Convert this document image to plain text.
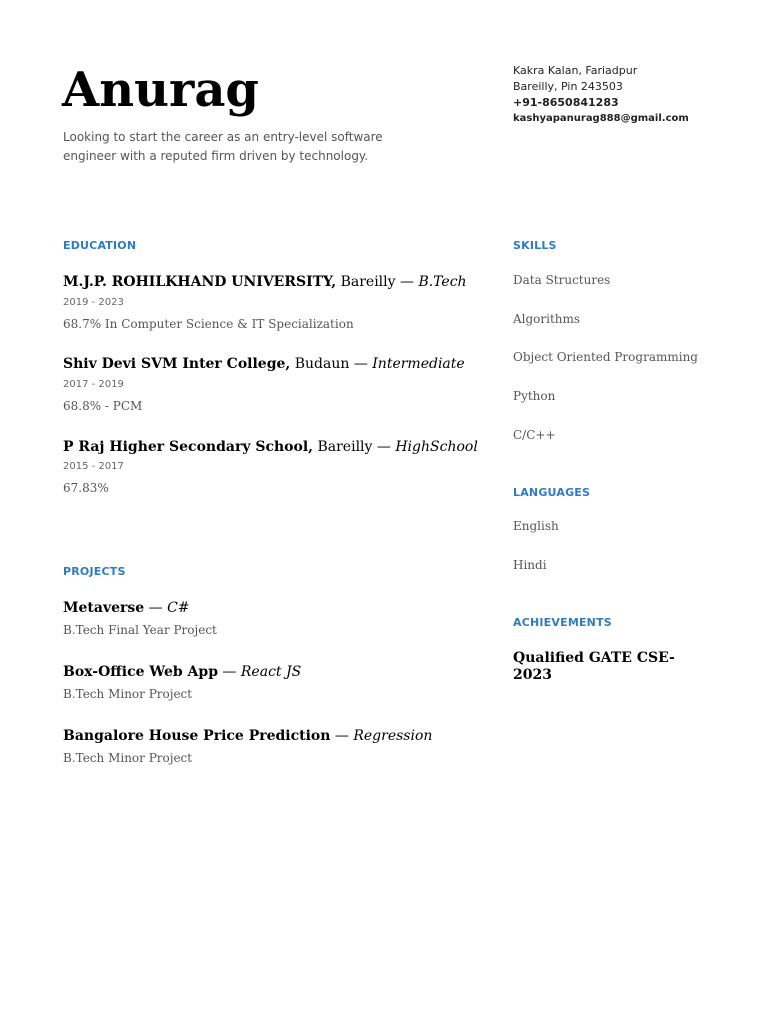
Anurag
Looking to start the career as an entry-level software engineer with a reputed firm driven by technology.
Kakra Kalan, Fariadpur
Bareilly, Pin 243503
+91-8650841283
kashyapanurag888@gmail.com
EDUCATION
M.J.P. ROHILKHAND UNIVERSITY, Bareilly — B.Tech
2019 - 2023
68.7% In Computer Science & IT Specialization
Shiv Devi SVM Inter College, Budaun — Intermediate
2017 - 2019
68.8% - PCM
P Raj Higher Secondary School, Bareilly — HighSchool
2015 - 2017
67.83%
PROJECTS
Metaverse — C#
B.Tech Final Year Project
Box-Office Web App — React JS
B.Tech Minor Project
Bangalore House Price Prediction — Regression
B.Tech Minor Project
SKILLS
Data Structures
Algorithms
Object Oriented Programming
Python
C/C++
LANGUAGES
English
Hindi
ACHIEVEMENTS
Qualified GATE CSE-2023
